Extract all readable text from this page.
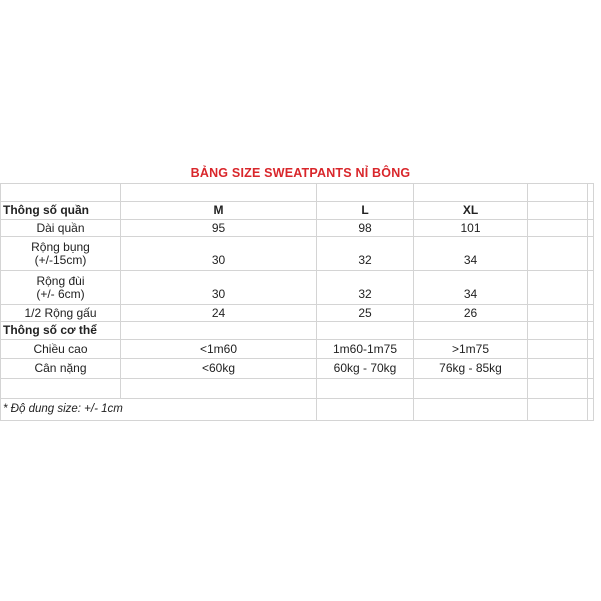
BẢNG SIZE SWEATPANTS NỈ BÔNG

Thông số quần	M	L	XL		
Dài quần	95	98	101		
Rộng bụng
(+/-15cm)	30	32	34		
Rộng đùi
(+/- 6cm)	30	32	34		
1/2 Rộng gấu	24	25	26		
Thông số cơ thể					
Chiều cao	<1m60	1m60-1m75	>1m75		
Cân nặng	<60kg	60kg - 70kg	76kg - 85kg		

* Độ dung size: +/- 1cm					
